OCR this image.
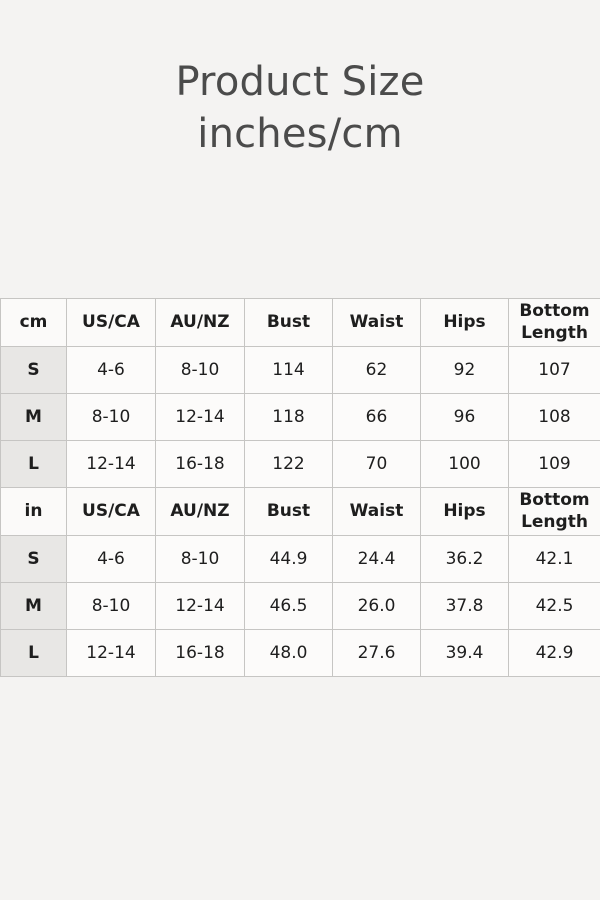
Product Size
inches/cm
cm	US/CA	AU/NZ	Bust	Waist	Hips	Bottom Length
S	4-6	8-10	114	62	92	107
M	8-10	12-14	118	66	96	108
L	12-14	16-18	122	70	100	109
in	US/CA	AU/NZ	Bust	Waist	Hips	Bottom Length
S	4-6	8-10	44.9	24.4	36.2	42.1
M	8-10	12-14	46.5	26.0	37.8	42.5
L	12-14	16-18	48.0	27.6	39.4	42.9
